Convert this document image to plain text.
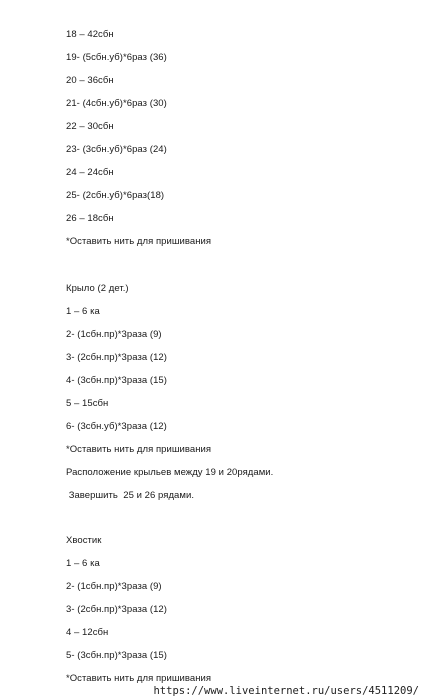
18 – 42сбн
19- (5сбн.уб)*6раз (36)
20 – 36сбн
21- (4сбн.уб)*6раз (30)
22 – 30сбн
23- (3сбн.уб)*6раз (24)
24 – 24сбн
25- (2сбн.уб)*6раз(18)
26 – 18сбн
*Оставить нить для пришивания
Крыло (2 дет.)
1 – 6 ка
2- (1сбн.пр)*3раза (9)
3- (2сбн.пр)*3раза (12)
4- (3сбн.пр)*3раза (15)
5 – 15сбн
6- (3сбн.уб)*3раза (12)
*Оставить нить для пришивания
Расположение крыльев между 19 и 20рядами.
Завершить  25 и 26 рядами.
Хвостик
1 – 6 ка
2- (1сбн.пр)*3раза (9)
3- (2сбн.пр)*3раза (12)
4 – 12сбн
5- (3сбн.пр)*3раза (15)
*Оставить нить для пришивания
https://www.liveinternet.ru/users/4511209/
